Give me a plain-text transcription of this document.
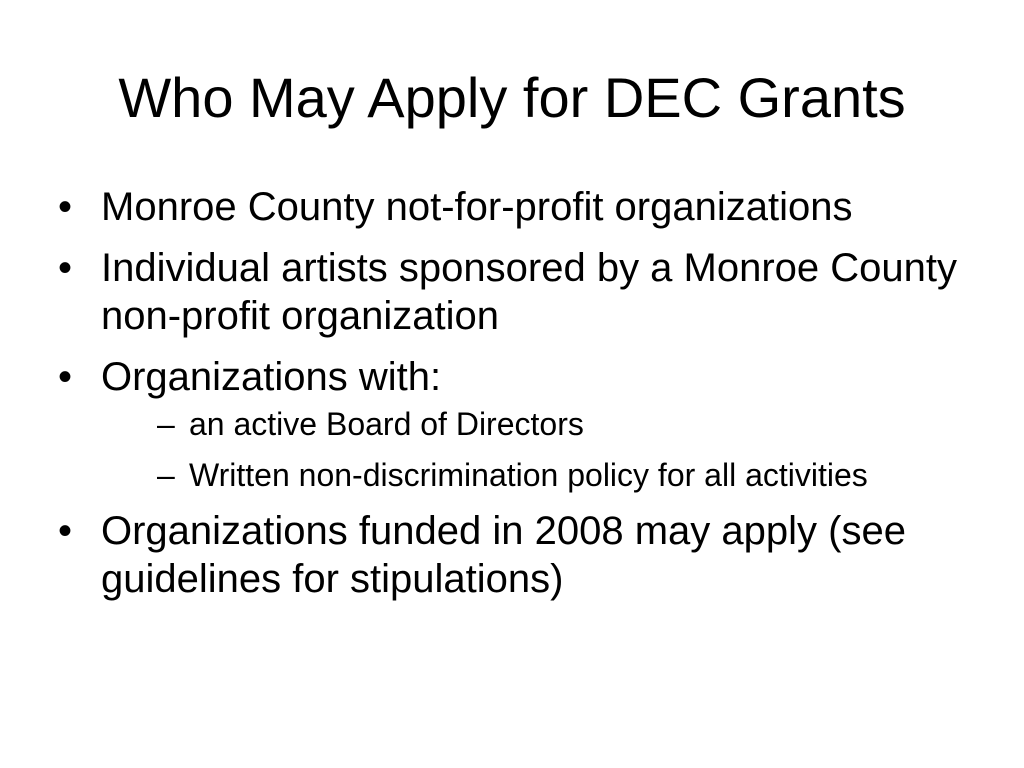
Who May Apply for DEC Grants
• Monroe County not-for-profit organizations
• Individual artists sponsored by a Monroe County non-profit organization
• Organizations with:
– an active Board of Directors
– Written non-discrimination policy for all activities
• Organizations funded in 2008 may apply (see guidelines for stipulations)
